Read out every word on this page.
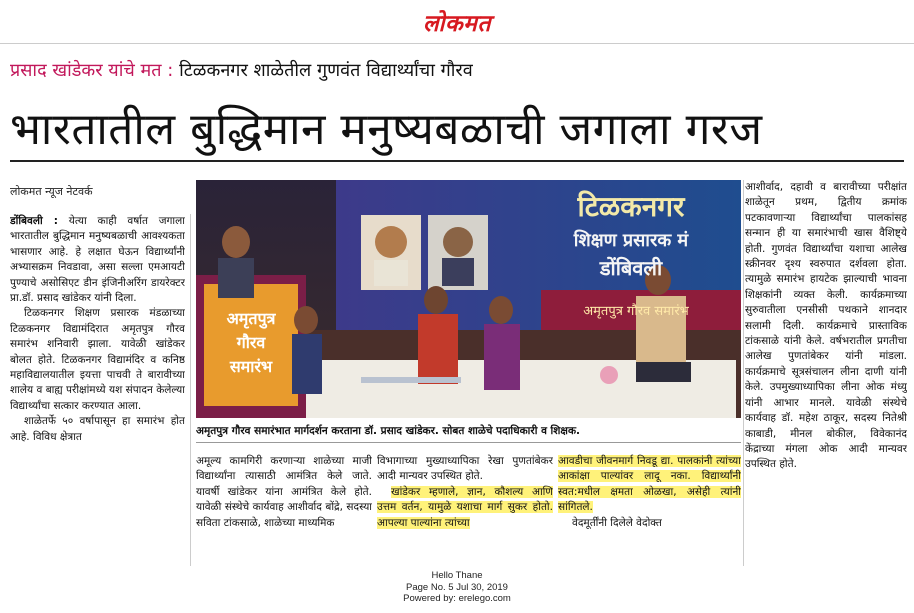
लोकमत
प्रसाद खांडेकर यांचे मत : टिळकनगर शाळेतील गुणवंत विद्यार्थ्यांचा गौरव
भारतातील बुद्धिमान मनुष्यबळाची जगाला गरज
लोकमत न्यूज नेटवर्क

डोंबिवली : येत्या काही वर्षात जगाला भारतातील बुद्धिमान मनुष्यबळाची आवश्यकता भासणार आहे. हे लक्षात घेऊन विद्यार्थ्यांनी अभ्यासक्रम निवडावा, असा सल्ला एमआयटी पुण्याचे असोसिएट डीन इंजिनीअरिंग डायरेक्टर प्रा.डॉ. प्रसाद खांडेकर यांनी दिला.

टिळकनगर शिक्षण प्रसारक मंडळाच्या टिळकनगर विद्यामंदिरात अमृतपुत्र गौरव समारंभ शनिवारी झाला. यावेळी खांडेकर बोलत होते. टिळकनगर विद्यामंदिर व कनिष्ठ महाविद्यालयातील इयत्ता पाचवी ते बारावीच्या शालेय व बाह्य परीक्षांमध्ये यश संपादन केलेल्या विद्यार्थ्यांचा सत्कार करण्यात आला.

शाळेतर्फे ५० वर्षापासून हा समारंभ होत आहे. विविध क्षेत्रात

टिळकनगर
शिक्षण प्रसारक मं
डोंबिवली
अमृतपुत्र गौरव समारंभ
अमृतपुत्र
गौरव
समारंभ
अमृतपुत्र गौरव समारंभात मार्गदर्शन करताना डॉ. प्रसाद खांडेकर. सोबत शाळेचे पदाधिकारी व शिक्षक.

अमूल्य कामगिरी करणाऱ्या शाळेच्या माजी विद्यार्थ्यांना त्यासाठी आमंत्रित केले जाते. यावर्षी खांडेकर यांना आमंत्रित केले होते. यावेळी संस्थेचे कार्यवाह आशीर्वाद बोंद्रे, सदस्या सविता टांकसाळे, शाळेच्या माध्यमिक

विभागाच्या मुख्याध्यापिका रेखा पुणतांबेकर आदी मान्यवर उपस्थित होते.

खांडेकर म्हणाले, ज्ञान, कौशल्य आणि उत्तम वर्तन, यामुळे यशाचा मार्ग सुकर होतो. आपल्या पाल्यांना त्यांच्या

आवडीचा जीवनमार्ग निवडू द्या. पालकांनी त्यांच्या आकांक्षा पाल्यांवर लादू नका. विद्यार्थ्यांनी स्वत:मधील क्षमता ओळखा, असेही त्यांनी सांगितले.

वेदमूर्तींनी दिलेले वेदोक्त

आशीर्वाद, दहावी व बारावीच्या परीक्षांत शाळेतून प्रथम, द्वितीय क्रमांक पटकावणाऱ्या विद्यार्थ्यांचा पालकांसह सन्मान ही या समारंभाची खास वैशिष्ट्ये होती. गुणवंत विद्यार्थ्यांचा यशाचा आलेख स्क्रीनवर दृश्य स्वरुपात दर्शवला होता. त्यामुळे समारंभ हायटेक झाल्याची भावना शिक्षकांनी व्यक्त केली. कार्यक्रमाच्या सुरुवातीला एनसीसी पथकाने शानदार सलामी दिली. कार्यक्रमाचे प्रास्ताविक टांकसाळे यांनी केले. वर्षभरातील प्रगतीचा आलेख पुणतांबेकर यांनी मांडला. कार्यक्रमाचे सूत्रसंचालन लीना दाणी यांनी केले. उपमुख्याध्यापिका लीना ओक मंध्यु यांनी आभार मानले. यावेळी संस्थेचे कार्यवाह डॉ. महेश ठाकूर, सदस्य नितेश्री काबाडी, मीनल बोकील, विवेकानंद केंद्राच्या मंगला ओक आदी मान्यवर उपस्थित होते.

Hello Thane
Page No. 5 Jul 30, 2019
Powered by: erelego.com
